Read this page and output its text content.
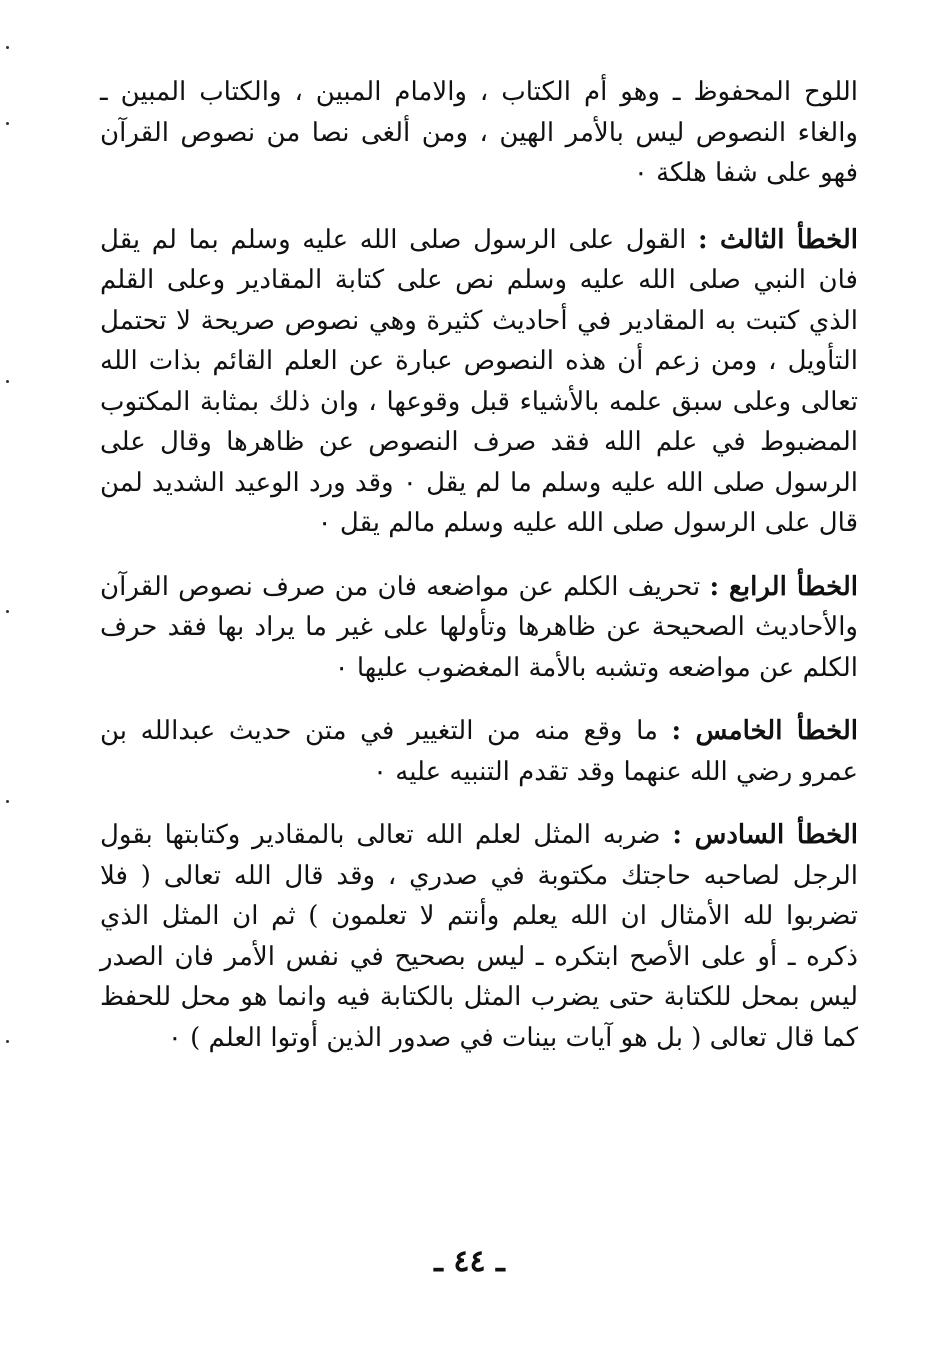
اللوح المحفوظ ـ وهو أم الكتاب ، والامام المبين ، والكتاب المبين ـ والغاء النصوص ليس بالأمر الهين ، ومن ألغى نصا من نصوص القرآن فهو على شفا هلكة ٠

الخطأ الثالث : القول على الرسول صلى الله عليه وسلم بما لم يقل فان النبي صلى الله عليه وسلم نص على كتابة المقادير وعلى القلم الذي كتبت به المقادير في أحاديث كثيرة وهي نصوص صريحة لا تحتمل التأويل ، ومن زعم أن هذه النصوص عبارة عن العلم القائم بذات الله تعالى وعلى سبق علمه بالأشياء قبل وقوعها ، وان ذلك بمثابة المكتوب المضبوط في علم الله فقد صرف النصوص عن ظاهرها وقال على الرسول صلى الله عليه وسلم ما لم يقل ٠ وقد ورد الوعيد الشديد لمن قال على الرسول صلى الله عليه وسلم مالم يقل ٠

الخطأ الرابع : تحريف الكلم عن مواضعه فان من صرف نصوص القرآن والأحاديث الصحيحة عن ظاهرها وتأولها على غير ما يراد بها فقد حرف الكلم عن مواضعه وتشبه بالأمة المغضوب عليها ٠

الخطأ الخامس : ما وقع منه من التغيير في متن حديث عبدالله بن عمرو رضي الله عنهما وقد تقدم التنبيه عليه ٠

الخطأ السادس : ضربه المثل لعلم الله تعالى بالمقادير وكتابتها بقول الرجل لصاحبه حاجتك مكتوبة في صدري ، وقد قال الله تعالى ( فلا تضربوا لله الأمثال ان الله يعلم وأنتم لا تعلمون ) ثم ان المثل الذي ذكره ـ أو على الأصح ابتكره ـ ليس بصحيح في نفس الأمر فان الصدر ليس بمحل للكتابة حتى يضرب المثل بالكتابة فيه وانما هو محل للحفظ كما قال تعالى ( بل هو آيات بينات في صدور الذين أوتوا العلم ) ٠

ـ ٤٤ ـ
